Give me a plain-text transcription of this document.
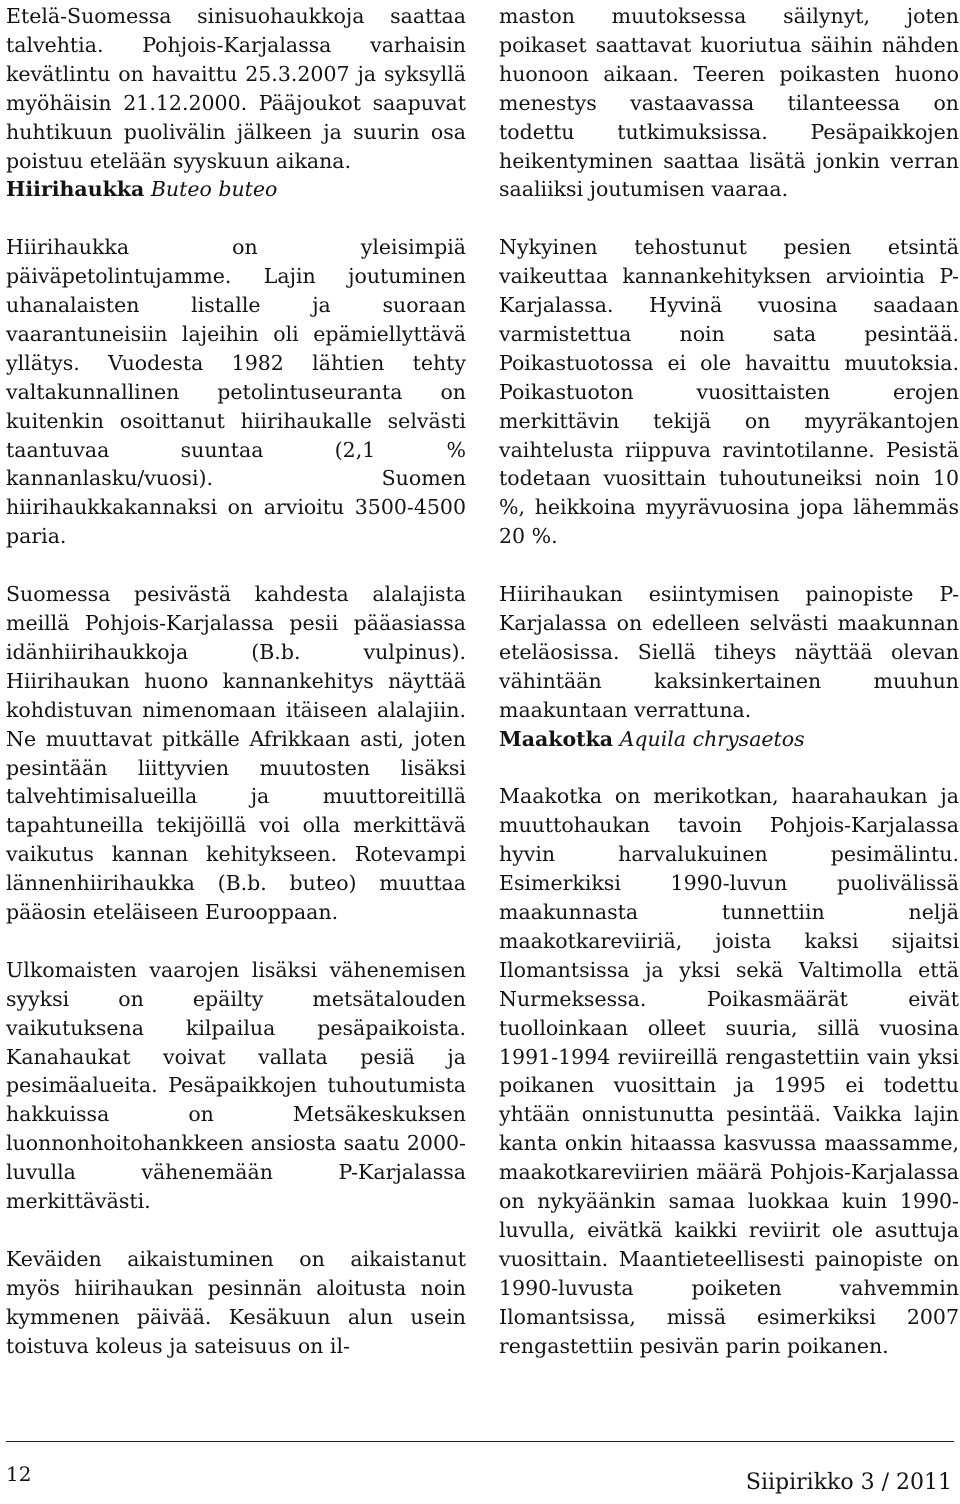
Etelä-Suomessa sinisuohaukkoja saattaa talvehtia. Pohjois-Karjalassa varhaisin kevätlintu on havaittu 25.3.2007 ja syksyllä myöhäisin 21.12.2000. Pääjoukot saapuvat huhtikuun puolivälin jälkeen ja suurin osa poistuu etelään syyskuun aikana.

Hiirihaukka Buteo buteo

Hiirihaukka on yleisimpiä päiväpetolintujamme. Lajin joutuminen uhanalaisten listalle ja suoraan vaarantuneisiin lajeihin oli epämiellyttävä yllätys. Vuodesta 1982 lähtien tehty valtakunnallinen petolintuseuranta on kuitenkin osoittanut hiirihaukalle selvästi taantuvaa suuntaa (2,1 % kannanlasku/vuosi). Suomen hiirihaukkakannaksi on arvioitu 3500-4500 paria.

Suomessa pesivästä kahdesta alalajista meillä Pohjois-Karjalassa pesii pääasiassa idänhiirihaukkoja (B.b. vulpinus). Hiirihaukan huono kannankehitys näyttää kohdistuvan nimenomaan itäiseen alalajiin. Ne muuttavat pitkälle Afrikkaan asti, joten pesintään liittyvien muutosten lisäksi talvehtimisalueilla ja muuttoreitillä tapahtuneilla tekijöillä voi olla merkittävä vaikutus kannan kehitykseen. Rotevampi lännenhiirihaukka (B.b. buteo) muuttaa pääosin eteläiseen Eurooppaan.

Ulkomaisten vaarojen lisäksi vähenemisen syyksi on epäilty metsätalouden vaikutuksena kilpailua pesäpaikoista. Kanahaukat voivat vallata pesiä ja pesimäalueita. Pesäpaikkojen tuhoutumista hakkuissa on Metsäkeskuksen luonnonhoitohankkeen ansiosta saatu 2000- luvulla vähenemään P-Karjalassa merkittävästi.

Keväiden aikaistuminen on aikaistanut myös hiirihaukan pesinnän aloitusta noin kymmenen päivää. Kesäkuun alun usein toistuva koleus ja sateisuus on il-

maston muutoksessa säilynyt, joten poikaset saattavat kuoriutua säihin nähden huonoon aikaan. Teeren poikasten huono menestys vastaavassa tilanteessa on todettu tutkimuksissa. Pesäpaikkojen heikentyminen saattaa lisätä jonkin verran saaliiksi joutumisen vaaraa.

Nykyinen tehostunut pesien etsintä vaikeuttaa kannankehityksen arviointia P-Karjalassa. Hyvinä vuosina saadaan varmistettua noin sata pesintää. Poikastuotossa ei ole havaittu muutoksia. Poikastuoton vuosittaisten erojen merkittävin tekijä on myyräkantojen vaihtelusta riippuva ravintotilanne. Pesistä todetaan vuosittain tuhoutuneiksi noin 10 %, heikkoina myyrävuosina jopa lähemmäs 20 %.

Hiirihaukan esiintymisen painopiste P-Karjalassa on edelleen selvästi maakunnan eteläosissa. Siellä tiheys näyttää olevan vähintään kaksinkertainen muuhun maakuntaan verrattuna.

Maakotka Aquila chrysaetos

Maakotka on merikotkan, haarahaukan ja muuttohaukan tavoin Pohjois-Karjalassa hyvin harvalukuinen pesimälintu. Esimerkiksi 1990-luvun puolivälissä maakunnasta tunnettiin neljä maakotkareviiriä, joista kaksi sijaitsi Ilomantsissa ja yksi sekä Valtimolla että Nurmeksessa. Poikasmäärät eivät tuolloinkaan olleet suuria, sillä vuosina 1991-1994 reviireillä rengastettiin vain yksi poikanen vuosittain ja 1995 ei todettu yhtään onnistunutta pesintää. Vaikka lajin kanta onkin hitaassa kasvussa maassamme, maakotkareviirien määrä Pohjois-Karjalassa on nykyäänkin samaa luokkaa kuin 1990-luvulla, eivätkä kaikki reviirit ole asuttuja vuosittain. Maantieteellisesti painopiste on 1990-luvusta poiketen vahvemmin Ilomantsissa, missä esimerkiksi 2007 rengastettiin pesivän parin poikanen.

12	Siipirikko 3 / 2011
